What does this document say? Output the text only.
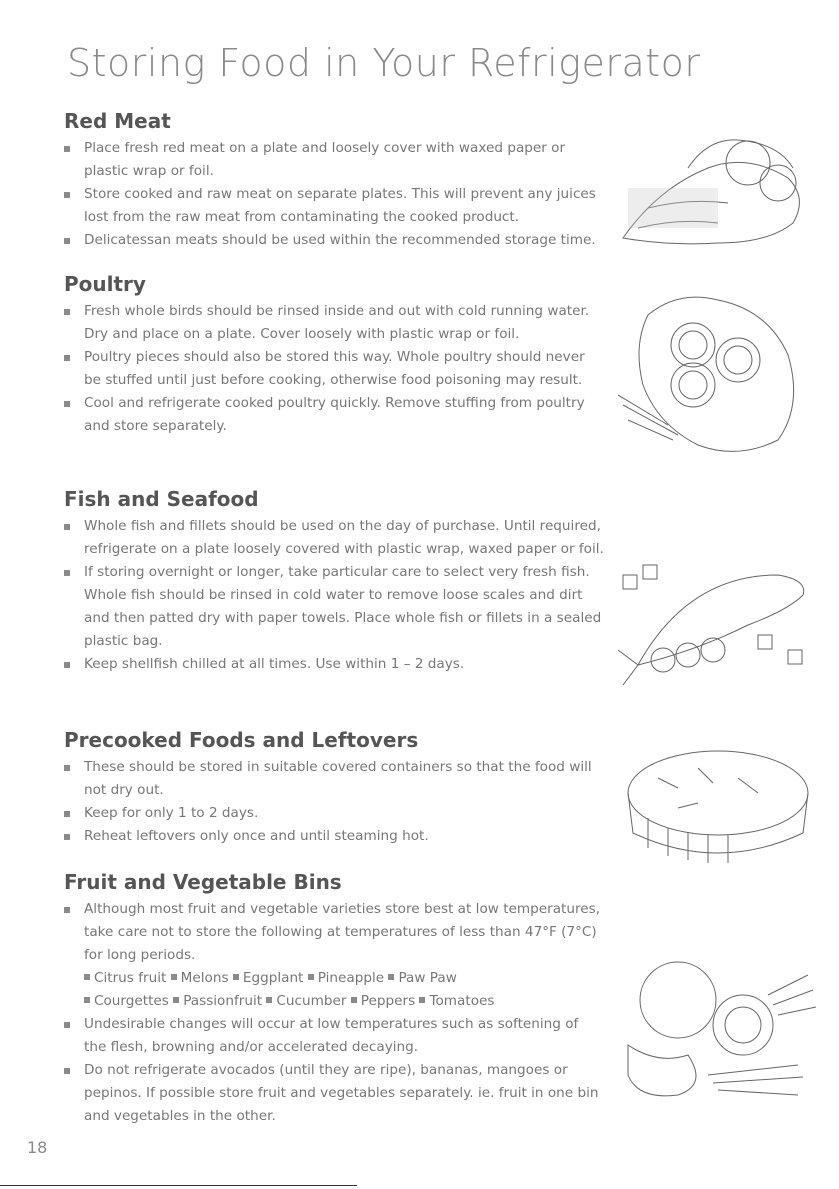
Storing Food in Your Refrigerator
Red Meat
Place fresh red meat on a plate and loosely cover with waxed paper or plastic wrap or foil.
Store cooked and raw meat on separate plates. This will prevent any juices lost from the raw meat from contaminating the cooked product.
Delicatessan meats should be used within the recommended storage time.
Poultry
Fresh whole birds should be rinsed inside and out with cold running water. Dry and place on a plate. Cover loosely with plastic wrap or foil.
Poultry pieces should also be stored this way. Whole poultry should never be stuffed until just before cooking, otherwise food poisoning may result.
Cool and refrigerate cooked poultry quickly. Remove stuffing from poultry and store separately.
Fish and Seafood
Whole fish and fillets should be used on the day of purchase. Until required, refrigerate on a plate loosely covered with plastic wrap, waxed paper or foil.
If storing overnight or longer, take particular care to select very fresh fish. Whole fish should be rinsed in cold water to remove loose scales and dirt and then patted dry with paper towels. Place whole fish or fillets in a sealed plastic bag.
Keep shellfish chilled at all times. Use within 1 – 2 days.
Precooked Foods and Leftovers
These should be stored in suitable covered containers so that the food will not dry out.
Keep for only 1 to 2 days.
Reheat leftovers only once and until steaming hot.
Fruit and Vegetable Bins
Although most fruit and vegetable varieties store best at low temperatures, take care not to store the following at temperatures of less than 47°F (7°C) for long periods.
Citrus fruit Melons Eggplant Pineapple Paw Paw
Courgettes Passionfruit Cucumber Peppers Tomatoes
Undesirable changes will occur at low temperatures such as softening of the flesh, browning and/or accelerated decaying.
Do not refrigerate avocados (until they are ripe), bananas, mangoes or pepinos. If possible store fruit and vegetables separately. ie. fruit in one bin and vegetables in the other.

18
